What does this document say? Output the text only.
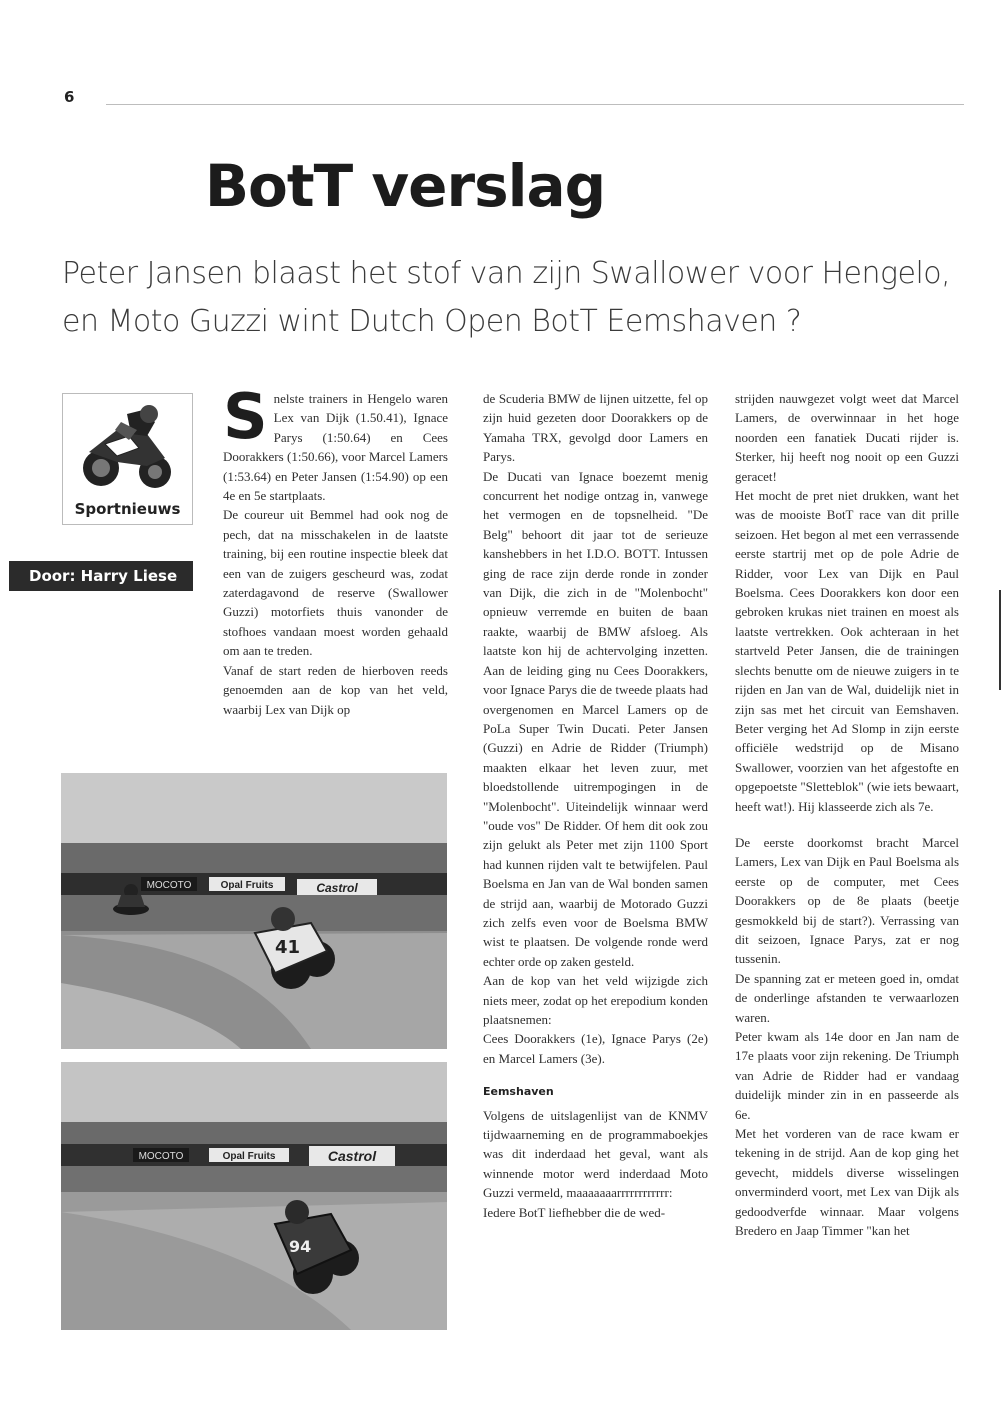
6
BotT verslag

Peter Jansen blaast het stof van zijn Swallower voor Hengelo, en Moto Guzzi wint Dutch Open BotT Eemshaven ?

Sportnieuws
Door: Harry Liese
S nelste trainers in Hengelo waren Lex van Dijk (1.50.41), Ignace Parys (1:50.64) en Cees Doorakkers (1:50.66), voor Marcel Lamers (1:53.64) en Peter Jansen (1:54.90) op een 4e en 5e startplaats.

De coureur uit Bemmel had ook nog de pech, dat na misschakelen in de laatste training, bij een routine inspectie bleek dat een van de zuigers gescheurd was, zodat zaterdagavond de reserve (Swallower Guzzi) motorfiets thuis vanonder de stofhoes vandaan moest worden gehaald om aan te treden.

Vanaf de start reden de hierboven reeds genoemden aan de kop van het veld, waarbij Lex van Dijk op

de Scuderia BMW de lijnen uitzette, fel op zijn huid gezeten door Doorakkers op de Yamaha TRX, gevolgd door Lamers en Parys.

De Ducati van Ignace boezemt menig concurrent het nodige ontzag in, vanwege het vermogen en de topsnelheid. "De Belg" behoort dit jaar tot de serieuze kanshebbers in het I.D.O. BOTT. Intussen ging de race zijn derde ronde in zonder van Dijk, die zich in de "Molenbocht" opnieuw verremde en buiten de baan raakte, waarbij de BMW afsloeg. Als laatste kon hij de achtervolging inzetten. Aan de leiding ging nu Cees Doorakkers, voor Ignace Parys die de tweede plaats had overgenomen en Marcel Lamers op de PoLa Super Twin Ducati. Peter Jansen (Guzzi) en Adrie de Ridder (Triumph) maakten elkaar het leven zuur, met bloedstollende uitrempogingen in de "Molenbocht". Uiteindelijk winnaar werd "oude vos" De Ridder. Of hem dit ook zou zijn gelukt als Peter met zijn 1100 Sport had kunnen rijden valt te betwijfelen. Paul Boelsma en Jan van de Wal bonden samen de strijd aan, waarbij de Motorado Guzzi zich zelfs even voor de Boelsma BMW wist te plaatsen. De volgende ronde werd echter orde op zaken gesteld.

Aan de kop van het veld wijzigde zich niets meer, zodat op het erepodium konden plaatsnemen:

Cees Doorakkers (1e), Ignace Parys (2e) en Marcel Lamers (3e).

Eemshaven

Volgens de uitslagenlijst van de KNMV tijdwaarneming en de programmaboekjes was dit inderdaad het geval, want als winnende motor werd inderdaad Moto Guzzi vermeld, maaaaaaarrrrrrrrrrrr:

Iedere BotT liefhebber die de wed-

strijden nauwgezet volgt weet dat Marcel Lamers, de overwinnaar in het hoge noorden een fanatiek Ducati rijder is. Sterker, hij heeft nog nooit op een Guzzi geracet!

Het mocht de pret niet drukken, want het was de mooiste BotT race van dit prille seizoen. Het begon al met een verrassende eerste startrij met op de pole Adrie de Ridder, voor Lex van Dijk en Paul Boelsma. Cees Doorakkers kon door een gebroken krukas niet trainen en moest als laatste vertrekken. Ook achteraan in het startveld Peter Jansen, die de trainingen slechts benutte om de nieuwe zuigers in te rijden en Jan van de Wal, duidelijk niet in zijn sas met het circuit van Eemshaven. Beter verging het Ad Slomp in zijn eerste officiële wedstrijd op de Misano Swallower, voorzien van het afgestofte en opgepoetste "Sletteblok" (wie iets bewaart, heeft wat!). Hij klasseerde zich als 7e.

De eerste doorkomst bracht Marcel Lamers, Lex van Dijk en Paul Boelsma als eerste op de computer, met Cees Doorakkers op de 8e plaats (beetje gesmokkeld bij de start?). Verrassing van dit seizoen, Ignace Parys, zat er nog tussenin.

De spanning zat er meteen goed in, omdat de onderlinge afstanden te verwaarlozen waren.

Peter kwam als 14e door en Jan nam de 17e plaats voor zijn rekening. De Triumph van Adrie de Ridder had er vandaag duidelijk minder zin in en passeerde als 6e.

Met het vorderen van de race kwam er tekening in de strijd. Aan de kop ging het gevecht, middels diverse wisselingen onverminderd voort, met Lex van Dijk als gedoodverfde winnaar. Maar volgens Bredero en Jaap Timmer "kan het

MOCOTO	Opal Fruits	Castrol
41
MOCOTO	Opal Fruits	Castrol
94
